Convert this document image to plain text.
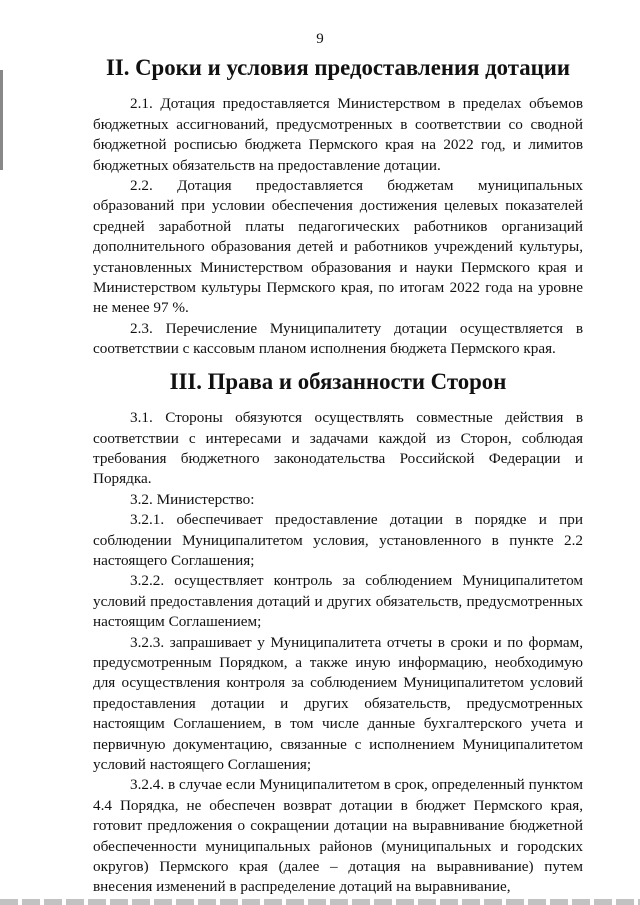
9
II. Сроки и условия предоставления дотации

2.1. Дотация предоставляется Министерством в пределах объемов бюджетных ассигнований, предусмотренных в соответствии со сводной бюджетной росписью бюджета Пермского края на 2022 год, и лимитов бюджетных обязательств на предоставление дотации.

2.2. Дотация предоставляется бюджетам муниципальных образований при условии обеспечения достижения целевых показателей средней заработной платы педагогических работников организаций дополнительного образования детей и работников учреждений культуры, установленных Министерством образования и науки Пермского края и Министерством культуры Пермского края, по итогам 2022 года на уровне не менее 97 %.

2.3. Перечисление Муниципалитету дотации осуществляется в соответствии с кассовым планом исполнения бюджета Пермского края.

III. Права и обязанности Сторон

3.1. Стороны обязуются осуществлять совместные действия в соответствии с интересами и задачами каждой из Сторон, соблюдая требования бюджетного законодательства Российской Федерации и Порядка.

3.2. Министерство:

3.2.1. обеспечивает предоставление дотации в порядке и при соблюдении Муниципалитетом условия, установленного в пункте 2.2 настоящего Соглашения;

3.2.2. осуществляет контроль за соблюдением Муниципалитетом условий предоставления дотаций и других обязательств, предусмотренных настоящим Соглашением;

3.2.3. запрашивает у Муниципалитета отчеты в сроки и по формам, предусмотренным Порядком, а также иную информацию, необходимую для осуществления контроля за соблюдением Муниципалитетом условий предоставления дотации и других обязательств, предусмотренных настоящим Соглашением, в том числе данные бухгалтерского учета и первичную документацию, связанные с исполнением Муниципалитетом условий настоящего Соглашения;

3.2.4. в случае если Муниципалитетом в срок, определенный пунктом 4.4 Порядка, не обеспечен возврат дотации в бюджет Пермского края, готовит предложения о сокращении дотации на выравнивание бюджетной обеспеченности муниципальных районов (муниципальных и городских округов) Пермского края (далее – дотация на выравнивание) путем внесения изменений в распределение дотаций на выравнивание,
